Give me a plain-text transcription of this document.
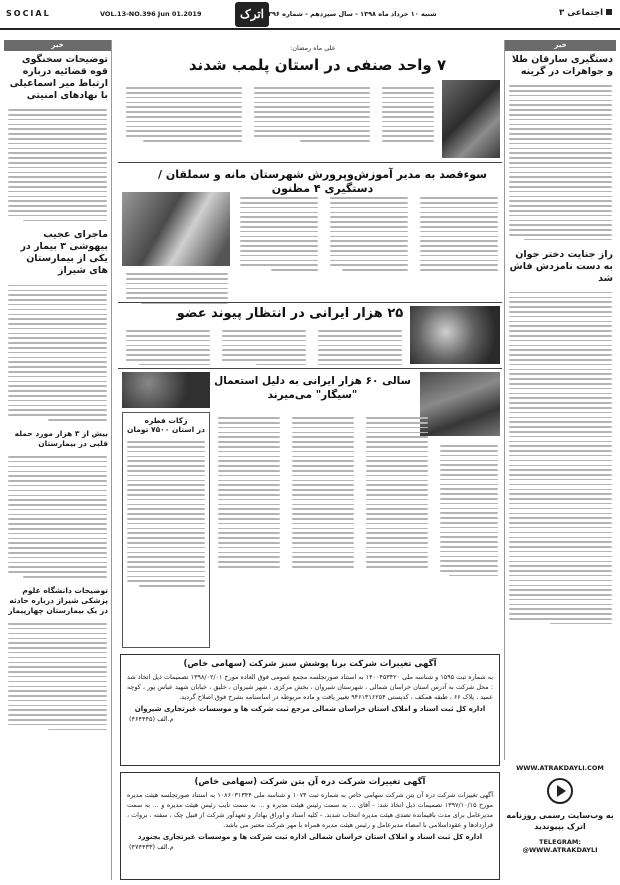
SOCIAL	VOL.13-NO.396 Jun 01.2019	اترک شنبه ۱۰ خرداد ماه ۱۳۹۸ - سال سیزدهم - شماره ۳۹۶	اجتماعی ۳
خبر
توضیحات سخنگوی قوه قضائیه درباره ارتباط میر اسماعیلی با نهادهای امنیتی
ماجرای عجیب بیهوشی ۳ بیمار در یکی از بیمارستان های شیراز
بیش از ۳ هزار مورد حمله قلبی در بیمارستان
توضیحات دانشگاه علوم پزشکی شیراز درباره حادثه در یک بیمارستان چهارپیمار
خبر
دستگیری سارقان طلا و جواهرات در گرینه
راز جنایت دختر جوان به دست نامزدش فاش شد
WWW.ATRAKDAYLI.COM
به وب‌سایت رسمی روزنامه اترک بپیوندید
TELEGRAM: @WWW.ATRAKDAYLI
علی ماه رمضان:
۷ واحد صنفی در استان پلمب شدند
سوءقصد به مدیر آموزش‌وپرورش شهرستان مانه و سملقان / دستگیری ۴ مظنون
۲۵ هزار ایرانی در انتظار پیوند عضو
سالی ۶۰ هزار ایرانی به دلیل استعمال "سیگار" می‌میرند
زکات فطره
در استان ۷۵۰۰ تومان
آگهی تغییرات شرکت برنا پوشش سبز شرکت (سهامی خاص)
به شماره ثبت ۱۵۹۵ و شناسه ملی ۱۴۰۰۴۵۳۴۲۰ به استناد صورتجلسه مجمع عمومی فوق العاده مورخ ۱۳۹۸/۰۲/۰۱ تصمیمات ذیل اتخاذ شد : محل شرکت به آدرس استان خراسان شمالی ، شهرستان شیروان ، بخش مرکزی ، شهر شیروان ، خلیق ، خیابان شهید عباس پور ، کوچه عمید ، پلاک ۶۶ ، طبقه همکف ، کدپستی ۹۴۶۱۳۱۶۲۵۴ تغییر یافت و ماده مربوطه در اساسنامه بشرح فوق اصلاح گردید.
اداره کل ثبت اسناد و املاک استان خراسان شمالی مرجع ثبت شرکت ها و موسسات غیرتجاری شیروان
م.الف (۴۶۴۴۴۵)
آگهی تغییرات شرکت دره آن بتن شرکت (سهامی خاص)
آگهی تغییرات شرکت دره آن بتن شرکت سهامی خاص به شماره ثبت ۱۰۷۴ و شناسه ملی ۱۰۸۶۰۳۱۳۴۴ به استناد صورتجلسه هیئت مدیره مورخ ۱۳۹۷/۱۰/۱۵ تصمیمات ذیل اتخاذ شد: - آقای ... به سمت رئیس هیئت مدیره و ... به سمت نایب رئیس هیئت مدیره و ... به سمت مدیرعامل برای مدت باقیمانده تصدی هیئت مدیره انتخاب شدند. - کلیه اسناد و اوراق بهادار و تعهدآور شرکت از قبیل چک ، سفته ، بروات ، قراردادها و عقوداسلامی با امضاء مدیرعامل و رئیس هیئت مدیره همراه با مهر شرکت معتبر می باشد.
اداره کل ثبت اسناد و املاک استان خراسان شمالی اداره ثبت شرکت ها و موسسات غیرتجاری بجنورد
م.الف (۴۷۴۴۳۳)
